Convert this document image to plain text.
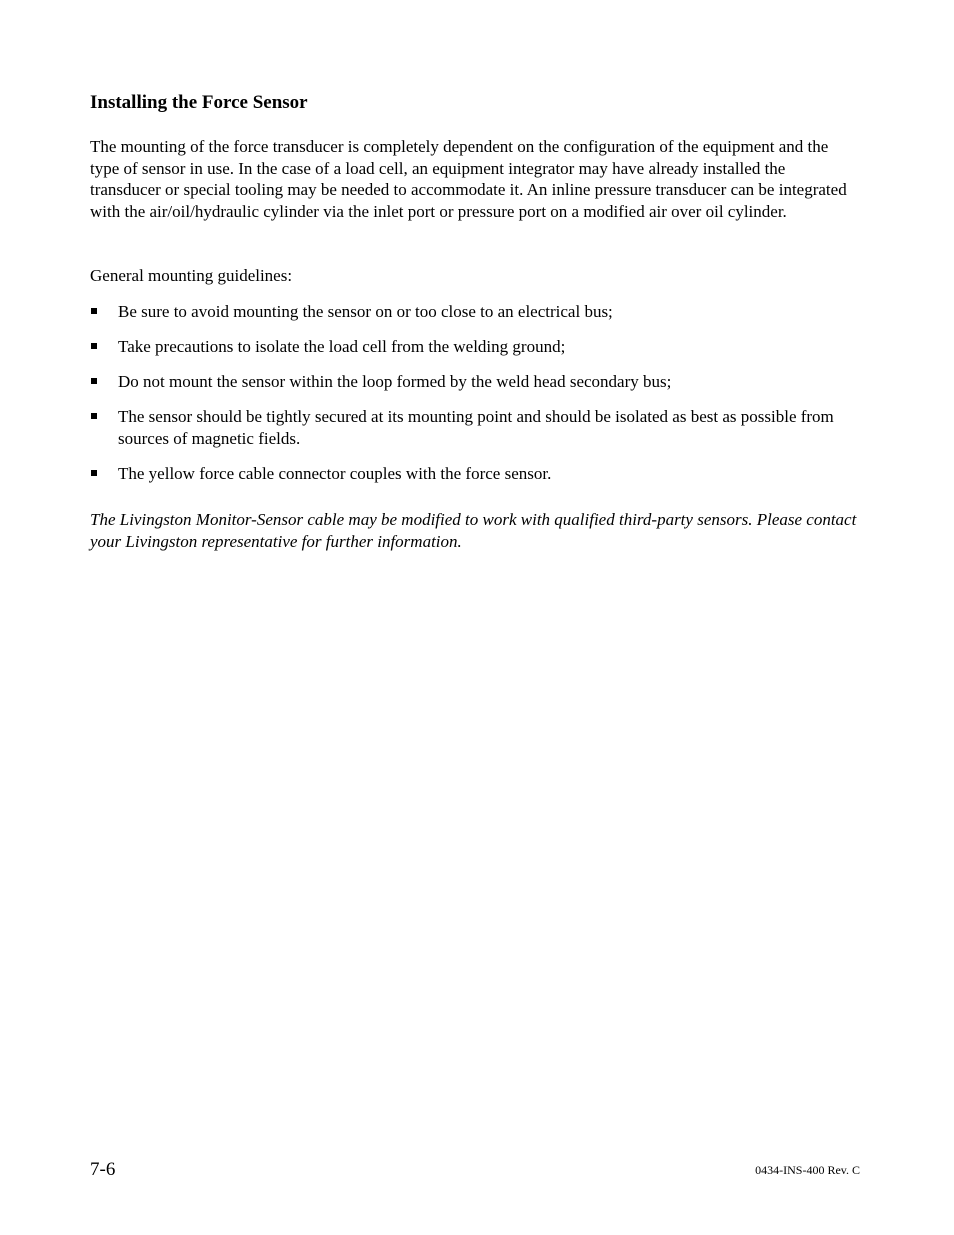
Installing the Force Sensor

The mounting of the force transducer is completely dependent on the configuration of the equipment and the type of sensor in use. In the case of a load cell, an equipment integrator may have already installed the transducer or special tooling may be needed to accommodate it. An inline pressure transducer can be integrated with the air/oil/hydraulic cylinder via the inlet port or pressure port on a modified air over oil cylinder.

General mounting guidelines:

Be sure to avoid mounting the sensor on or too close to an electrical bus;
Take precautions to isolate the load cell from the welding ground;
Do not mount the sensor within the loop formed by the weld head secondary bus;
The sensor should be tightly secured at its mounting point and should be isolated as best as possible from sources of magnetic fields.
The yellow force cable connector couples with the force sensor.

The Livingston Monitor-Sensor cable may be modified to work with qualified third-party sensors. Please contact your Livingston representative for further information.

7-6	0434-INS-400 Rev. C
